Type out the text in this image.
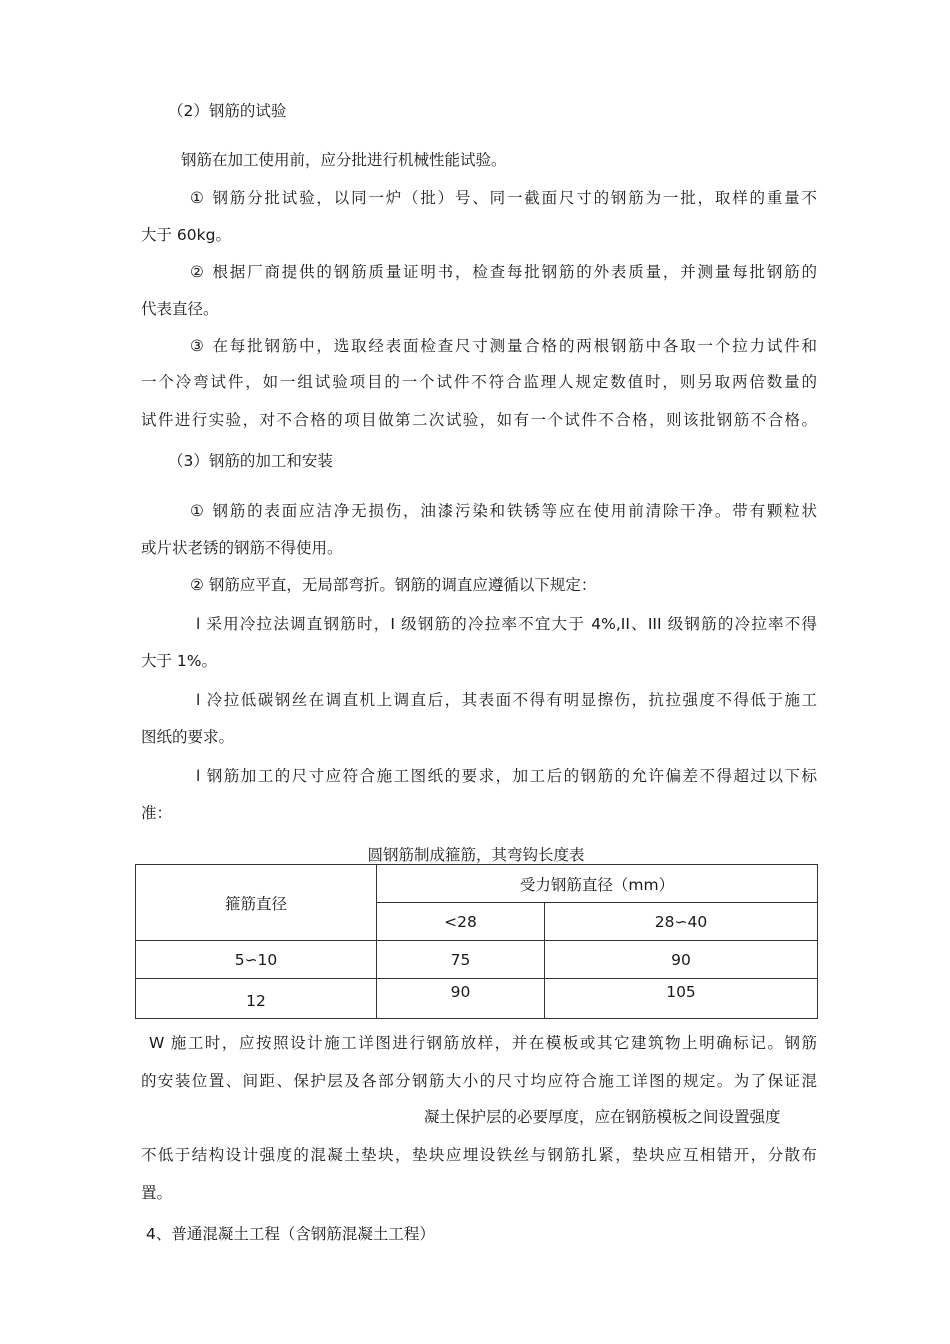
（2）钢筋的试验
钢筋在加工使用前，应分批进行机械性能试验。
① 钢筋分批试验，以同一炉（批）号、同一截面尺寸的钢筋为一批，取样的重量不
大于 60kg。
② 根据厂商提供的钢筋质量证明书，检查每批钢筋的外表质量，并测量每批钢筋的
代表直径。
③ 在每批钢筋中，选取经表面检查尺寸测量合格的两根钢筋中各取一个拉力试件和
一个冷弯试件，如一组试验项目的一个试件不符合监理人规定数值时，则另取两倍数量的
试件进行实验，对不合格的项目做第二次试验，如有一个试件不合格，则该批钢筋不合格。
（3）钢筋的加工和安装
① 钢筋的表面应洁净无损伤，油漆污染和铁锈等应在使用前清除干净。带有颗粒状
或片状老锈的钢筋不得使用。
② 钢筋应平直，无局部弯折。钢筋的调直应遵循以下规定：
l 采用冷拉法调直钢筋时，I 级钢筋的冷拉率不宜大于 4%,II、III 级钢筋的冷拉率不得
大于 1%。
l 冷拉低碳钢丝在调直机上调直后，其表面不得有明显擦伤，抗拉强度不得低于施工
图纸的要求。
l 钢筋加工的尺寸应符合施工图纸的要求，加工后的钢筋的允许偏差不得超过以下标
准：
圆钢筋制成箍筋，其弯钩长度表
箍筋直径	受力钢筋直径（mm）	
	<28	28∽40
5∽10	75	90
12	90	105
W 施工时，应按照设计施工详图进行钢筋放样，并在模板或其它建筑物上明确标记。钢筋
的安装位置、间距、保护层及各部分钢筋大小的尺寸均应符合施工详图的规定。为了保证混
凝土保护层的必要厚度，应在钢筋模板之间设置强度
不低于结构设计强度的混凝土垫块，垫块应埋设铁丝与钢筋扎紧，垫块应互相错开，分散布
置。
4、普通混凝土工程（含钢筋混凝土工程）
